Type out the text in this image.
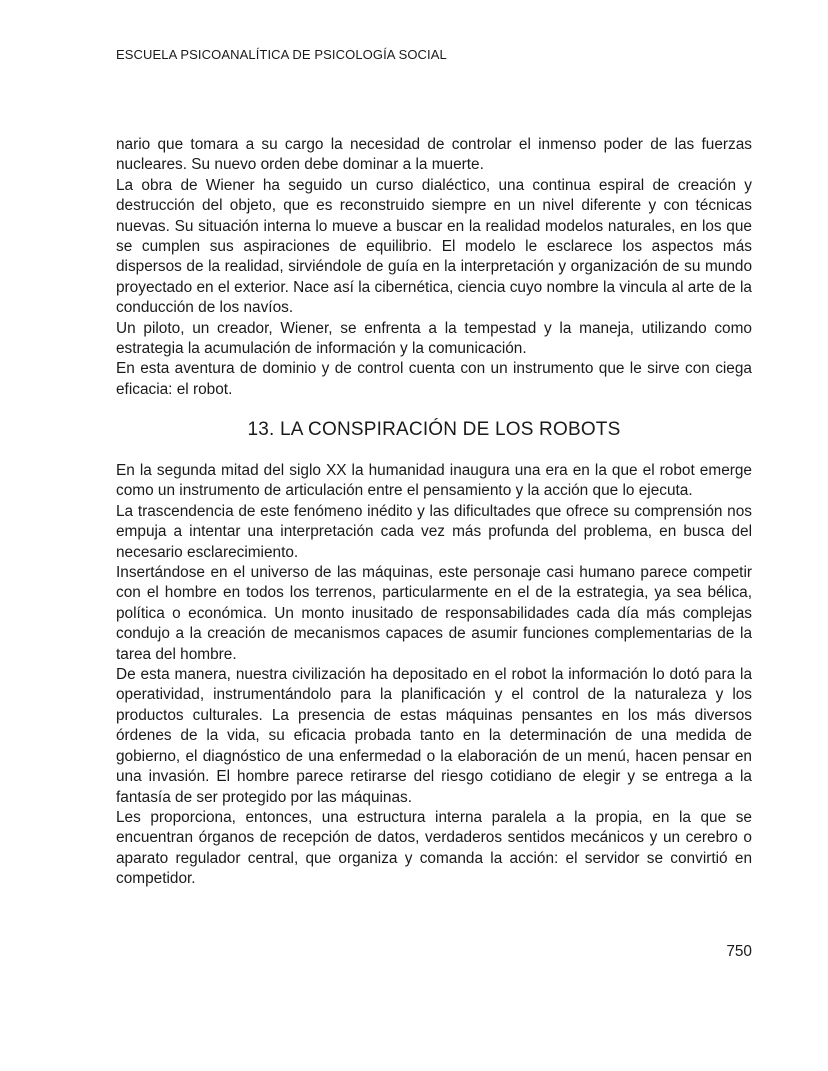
ESCUELA PSICOANALÍTICA DE PSICOLOGÍA SOCIAL

nario que tomara a su cargo la necesidad de controlar el inmenso poder de las fuerzas nucleares. Su nuevo orden debe dominar a la muerte.

La obra de Wiener ha seguido un curso dialéctico, una continua espiral de creación y destrucción del objeto, que es reconstruido siempre en un nivel diferente y con técnicas nuevas. Su situación interna lo mueve a buscar en la realidad modelos naturales, en los que se cumplen sus aspiraciones de equilibrio. El modelo le esclarece los aspectos más dispersos de la realidad, sirviéndole de guía en la interpretación y organización de su mundo proyectado en el exterior. Nace así la cibernética, ciencia cuyo nombre la vincula al arte de la conducción de los navíos.

Un piloto, un creador, Wiener, se enfrenta a la tempestad y la maneja, utilizando como estrategia la acumulación de información y la comunicación.

En esta aventura de dominio y de control cuenta con un instrumento que le sirve con ciega eficacia: el robot.

13. LA CONSPIRACIÓN DE LOS ROBOTS

En la segunda mitad del siglo XX la humanidad inaugura una era en la que el robot emerge como un instrumento de articulación entre el pensamiento y la acción que lo ejecuta.

La trascendencia de este fenómeno inédito y las dificultades que ofrece su comprensión nos empuja a intentar una interpretación cada vez más profunda del problema, en busca del necesario esclarecimiento.

Insertándose en el universo de las máquinas, este personaje casi humano parece competir con el hombre en todos los terrenos, particularmente en el de la estrategia, ya sea bélica, política o económica. Un monto inusitado de responsabilidades cada día más complejas condujo a la creación de mecanismos capaces de asumir funciones complementarias de la tarea del hombre.

De esta manera, nuestra civilización ha depositado en el robot la información lo dotó para la operatividad, instrumentándolo para la planificación y el control de la naturaleza y los productos culturales. La presencia de estas máquinas pensantes en los más diversos órdenes de la vida, su eficacia probada tanto en la determinación de una medida de gobierno, el diagnóstico de una enfermedad o la elaboración de un menú, hacen pensar en una invasión. El hombre parece retirarse del riesgo cotidiano de elegir y se entrega a la fantasía de ser protegido por las máquinas.

Les proporciona, entonces, una estructura interna paralela a la propia, en la que se encuentran órganos de recepción de datos, verdaderos sentidos mecánicos y un cerebro o aparato regulador central, que organiza y comanda la acción: el servidor se convirtió en competidor.

750
